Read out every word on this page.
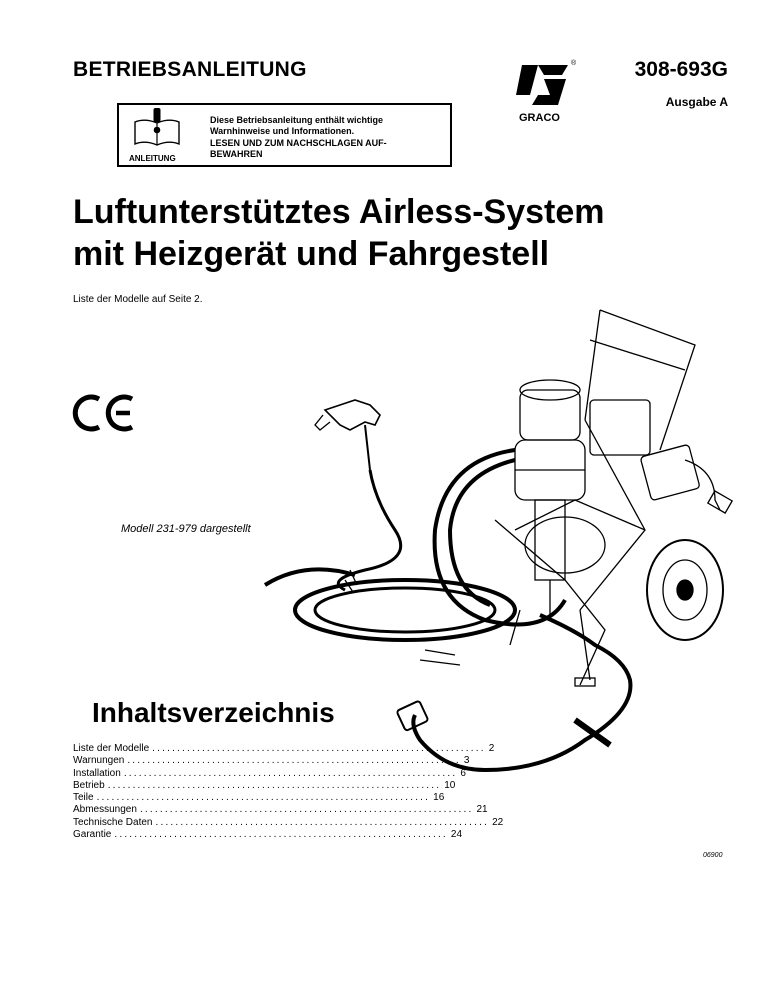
BETRIEBSANLEITUNG
GRACO
®	308-693G
Ausgabe A
ANLEITUNG
Diese Betriebsanleitung enthält wichtige
Warnhinweise und Informationen.
LESEN UND ZUM NACHSCHLAGEN AUF-
BEWAHREN
Luftunterstütztes Airless-System
mit Heizgerät und Fahrgestell
Liste der Modelle auf Seite 2.
Modell 231-979 dargestellt
Inhaltsverzeichnis
Liste der Modelle ................................................................... 2
Warnungen ................................................................... 3
Installation ................................................................... 6
Betrieb ................................................................... 10
Teile ................................................................... 16
Abmessungen ................................................................... 21
Technische Daten ................................................................... 22
Garantie ................................................................... 24
06900
